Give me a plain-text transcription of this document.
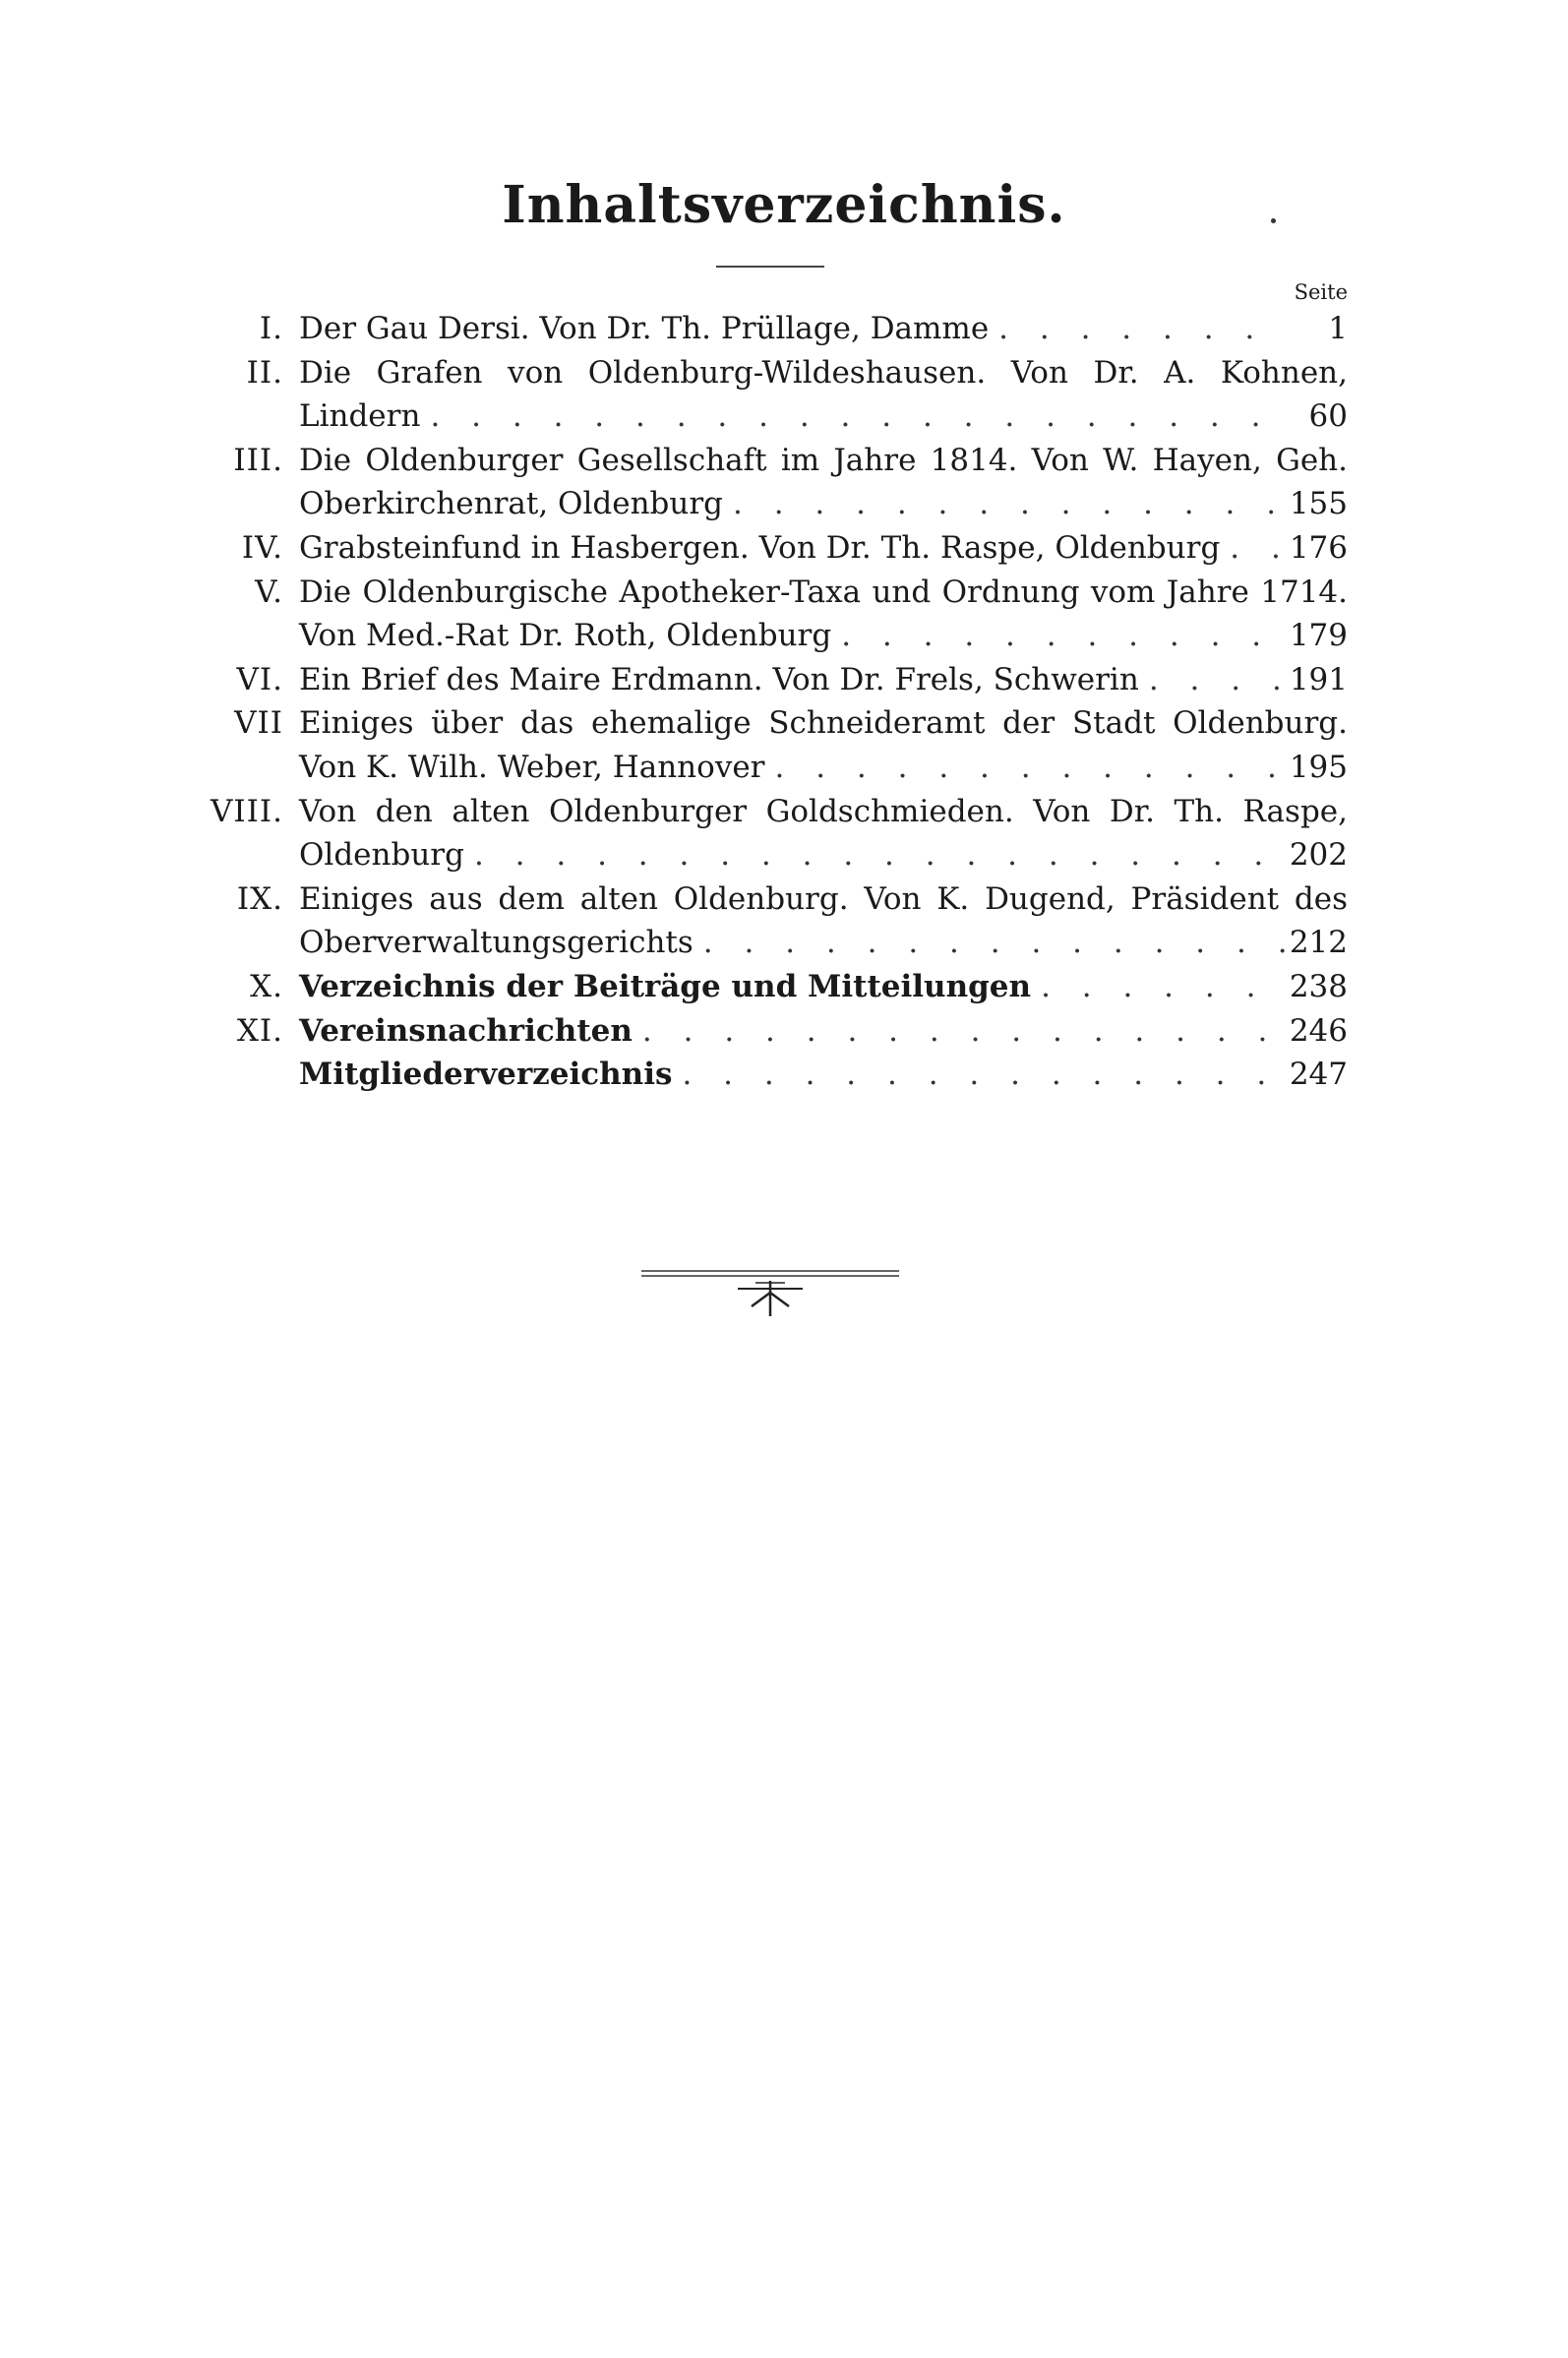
Inhaltsverzeichnis.
Seite
I. Der Gau Dersi. Von Dr. Th. Prüllage, Damme . . .	1
II. Die Grafen von Oldenburg-Wildeshausen. Von Dr. A. Kohnen,
Lindern . . .	60
III. Die Oldenburger Gesellschaft im Jahre 1814. Von W. Hayen, Geh.
Oberkirchenrat, Oldenburg . . .	155
IV. Grabsteinfund in Hasbergen. Von Dr. Th. Raspe, Oldenburg . . . 176
V. Die Oldenburgische Apotheker-Taxa und Ordnung vom Jahre 1714.
Von Med.-Rat Dr. Roth, Oldenburg . . .	179
VI. Ein Brief des Maire Erdmann. Von Dr. Frels, Schwerin . . .	191
VII Einiges über das ehemalige Schneideramt der Stadt Oldenburg.
Von K. Wilh. Weber, Hannover . . .	195
VIII. Von den alten Oldenburger Goldschmieden. Von Dr. Th. Raspe,
Oldenburg . . .	202
IX. Einiges aus dem alten Oldenburg. Von K. Dugend, Präsident des
Oberverwaltungsgerichts . . .	212
X. Verzeichnis der Beiträge und Mitteilungen . . .	238
XI. Vereinsnachrichten . . .	246
Mitgliederverzeichnis . . .	247
